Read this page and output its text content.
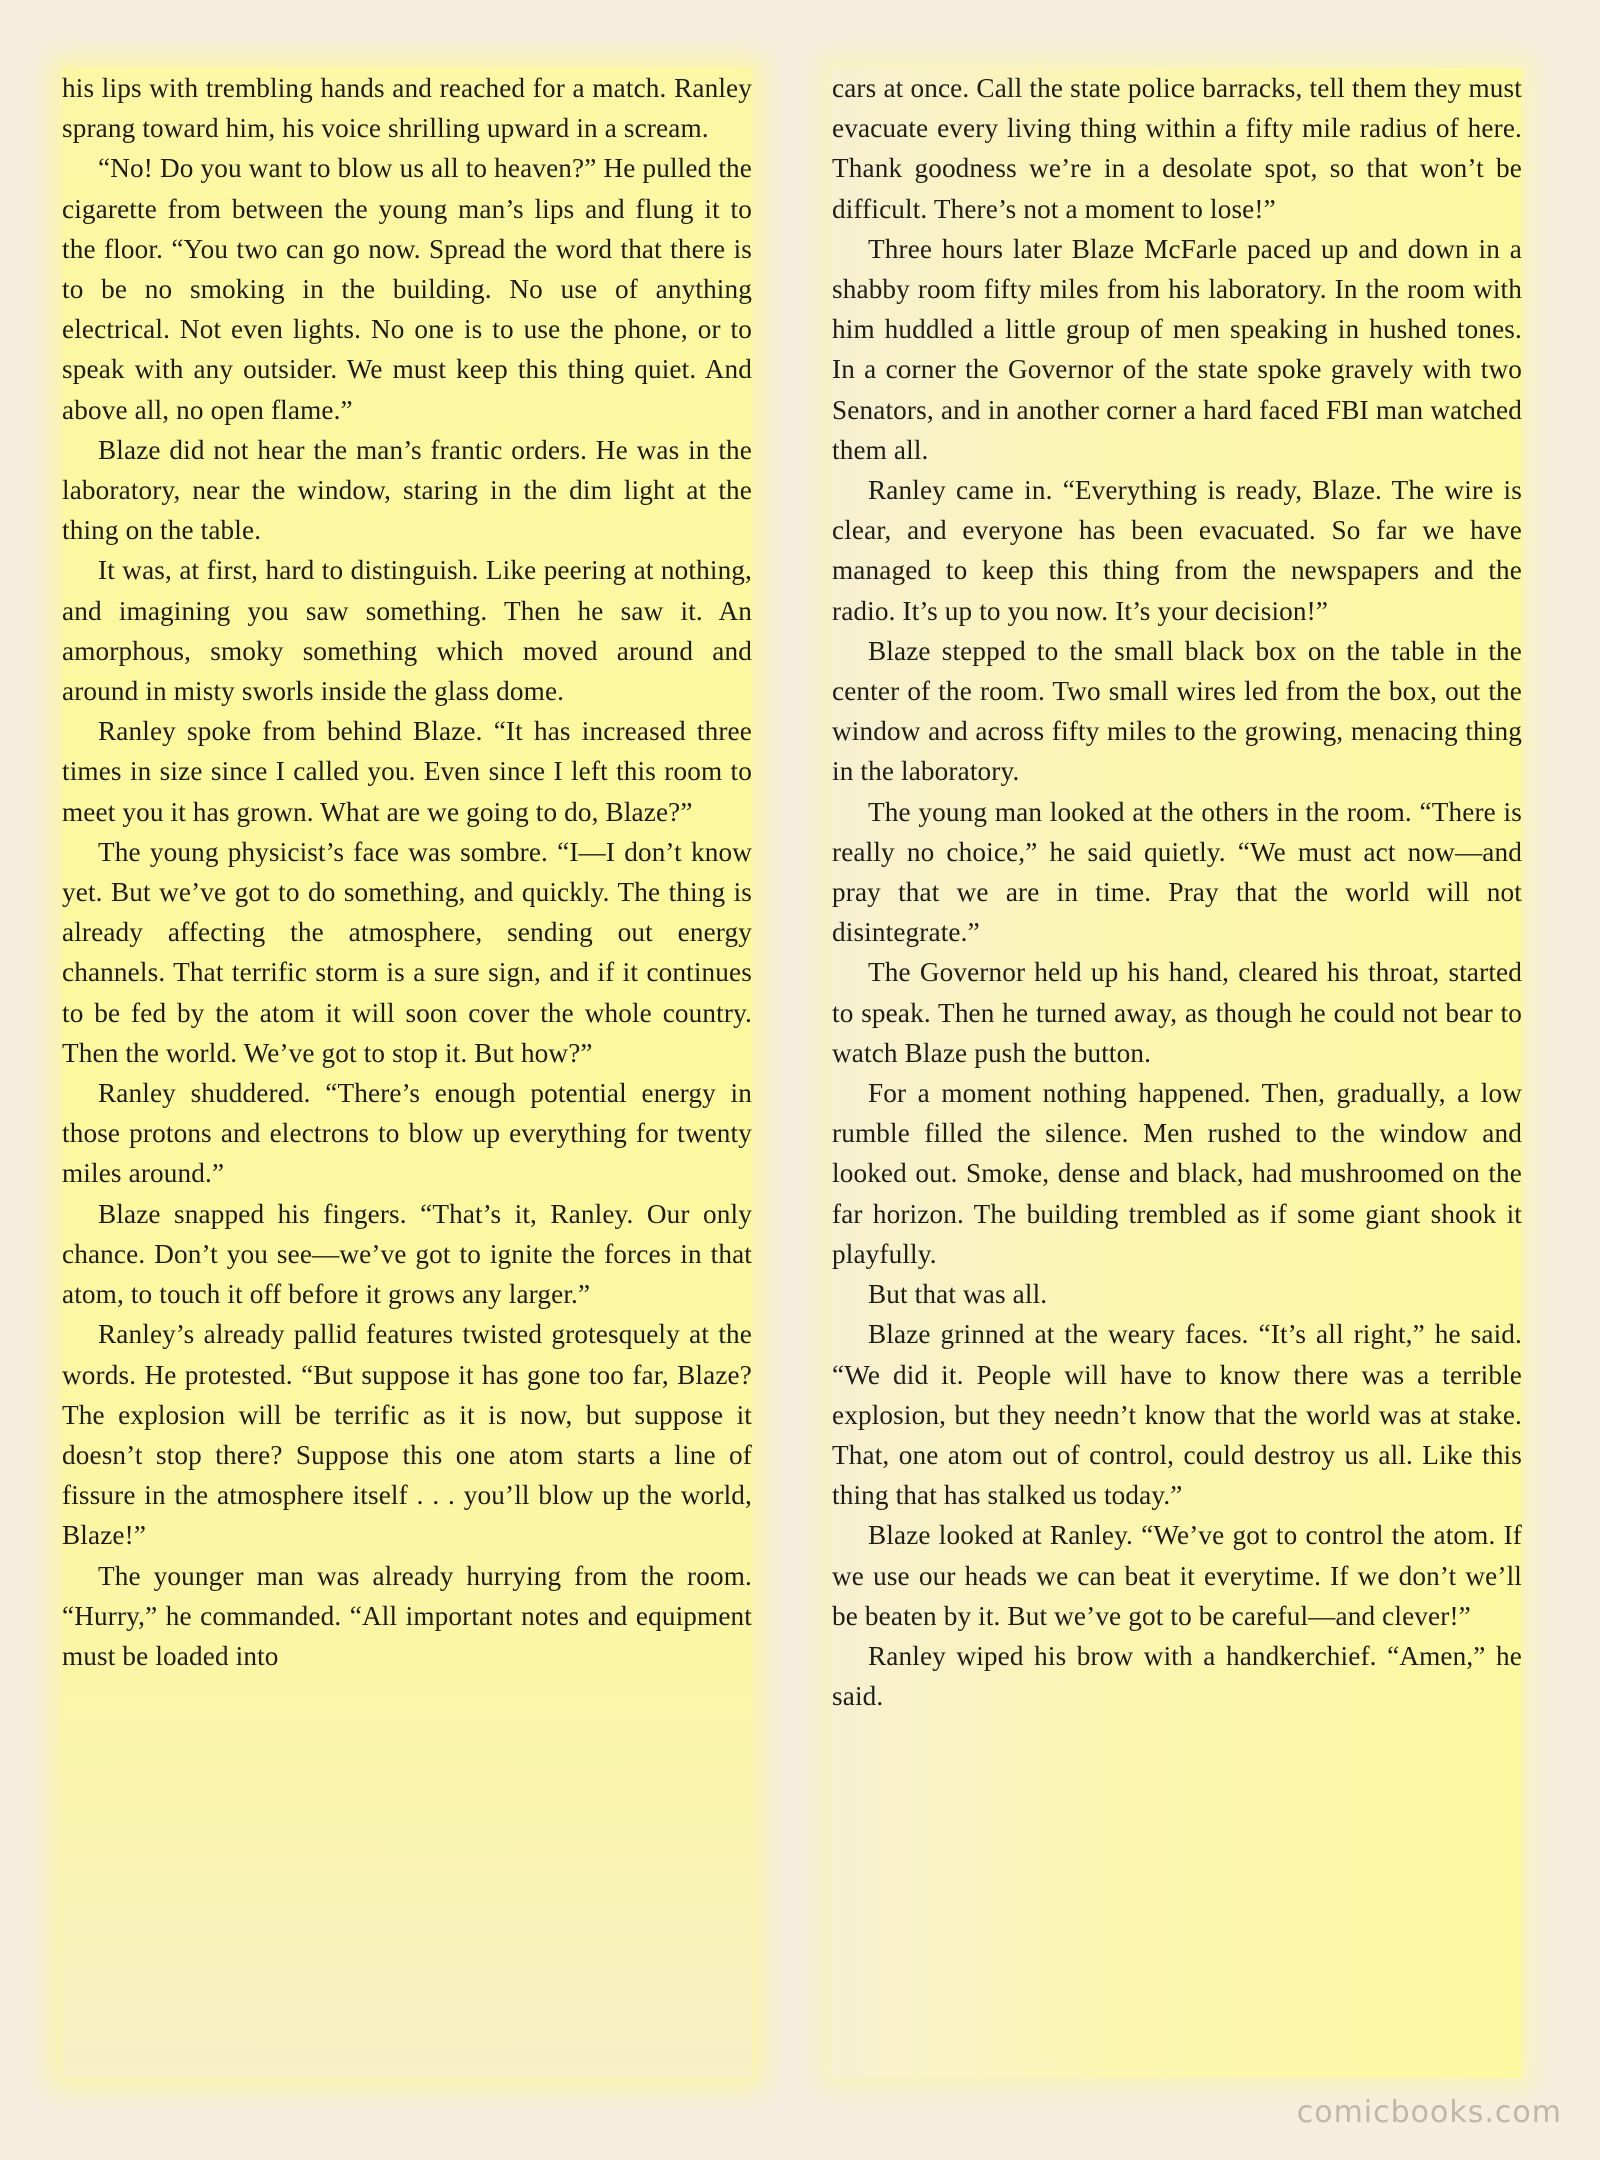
his lips with trembling hands and reached for a match. Ranley sprang toward him, his voice shrilling upward in a scream.

“No! Do you want to blow us all to heaven?” He pulled the cigarette from between the young man’s lips and flung it to the floor. “You two can go now. Spread the word that there is to be no smoking in the building. No use of anything electrical. Not even lights. No one is to use the phone, or to speak with any outsider. We must keep this thing quiet. And above all, no open flame.”

Blaze did not hear the man’s frantic orders. He was in the laboratory, near the window, staring in the dim light at the thing on the table.

It was, at first, hard to distinguish. Like peering at nothing, and imagining you saw something. Then he saw it. An amorphous, smoky something which moved around and around in misty sworls inside the glass dome.

Ranley spoke from behind Blaze. “It has increased three times in size since I called you. Even since I left this room to meet you it has grown. What are we going to do, Blaze?”

The young physicist’s face was sombre. “I—I don’t know yet. But we’ve got to do something, and quickly. The thing is already affecting the atmosphere, sending out energy channels. That terrific storm is a sure sign, and if it continues to be fed by the atom it will soon cover the whole country. Then the world. We’ve got to stop it. But how?”

Ranley shuddered. “There’s enough potential energy in those protons and electrons to blow up everything for twenty miles around.”

Blaze snapped his fingers. “That’s it, Ranley. Our only chance. Don’t you see—we’ve got to ignite the forces in that atom, to touch it off before it grows any larger.”

Ranley’s already pallid features twisted grotesquely at the words. He protested. “But suppose it has gone too far, Blaze? The explosion will be terrific as it is now, but suppose it doesn’t stop there? Suppose this one atom starts a line of fissure in the atmosphere itself . . . you’ll blow up the world, Blaze!”

The younger man was already hurrying from the room. “Hurry,” he commanded. “All important notes and equipment must be loaded into

cars at once. Call the state police barracks, tell them they must evacuate every living thing within a fifty mile radius of here. Thank goodness we’re in a desolate spot, so that won’t be difficult. There’s not a moment to lose!”

Three hours later Blaze McFarle paced up and down in a shabby room fifty miles from his laboratory. In the room with him huddled a little group of men speaking in hushed tones. In a corner the Governor of the state spoke gravely with two Senators, and in another corner a hard faced FBI man watched them all.

Ranley came in. “Everything is ready, Blaze. The wire is clear, and everyone has been evacuated. So far we have managed to keep this thing from the newspapers and the radio. It’s up to you now. It’s your decision!”

Blaze stepped to the small black box on the table in the center of the room. Two small wires led from the box, out the window and across fifty miles to the growing, menacing thing in the laboratory.

The young man looked at the others in the room. “There is really no choice,” he said quietly. “We must act now—and pray that we are in time. Pray that the world will not disintegrate.”

The Governor held up his hand, cleared his throat, started to speak. Then he turned away, as though he could not bear to watch Blaze push the button.

For a moment nothing happened. Then, gradually, a low rumble filled the silence. Men rushed to the window and looked out. Smoke, dense and black, had mushroomed on the far horizon. The building trembled as if some giant shook it playfully.

But that was all.

Blaze grinned at the weary faces. “It’s all right,” he said. “We did it. People will have to know there was a terrible explosion, but they needn’t know that the world was at stake. That, one atom out of control, could destroy us all. Like this thing that has stalked us today.”

Blaze looked at Ranley. “We’ve got to control the atom. If we use our heads we can beat it everytime. If we don’t we’ll be beaten by it. But we’ve got to be careful—and clever!”

Ranley wiped his brow with a handkerchief. “Amen,” he said.

comicbooks.com
